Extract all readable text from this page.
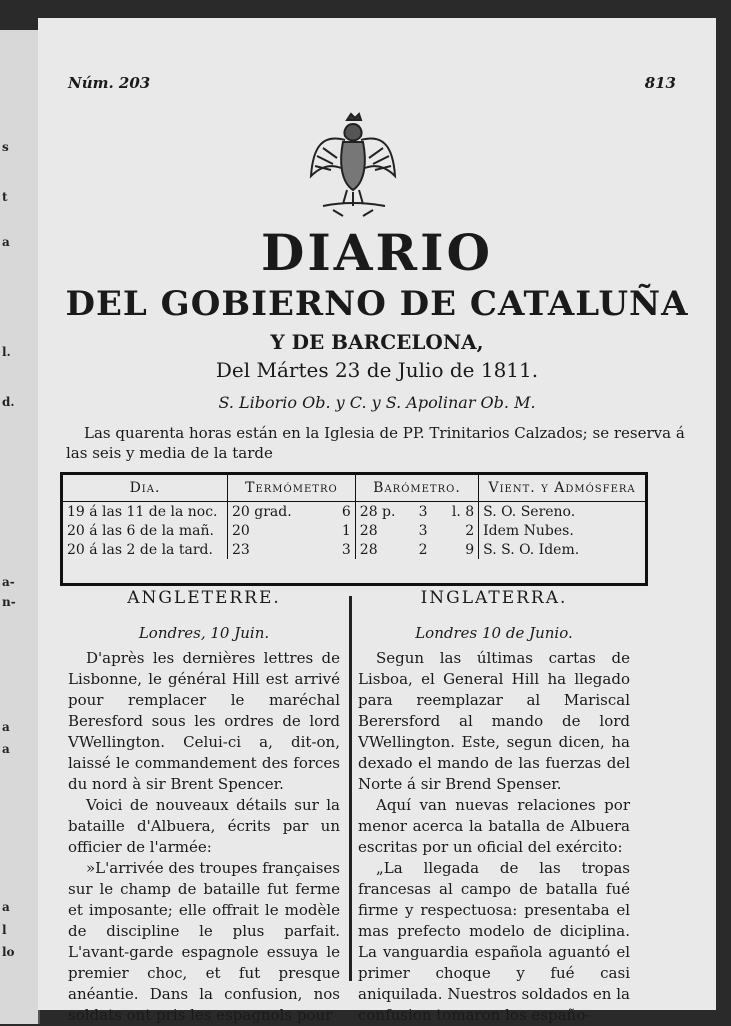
s
t
a
l.
d.
a-
n-
a
a
a
l
lo
Núm. 203	813
DIARIO
DEL GOBIERNO DE CATALUÑA
Y DE BARCELONA,
Del Mártes 23 de Julio de 1811.
S. Liborio Ob. y C. y S. Apolinar Ob. M.
Las quarenta horas están en la Iglesia de PP. Trinitarios Calzados; se reserva á las seis y media de la tarde
Dia.	Termómetro		Barómetro.			Vient. y Admósfera
19 á las 11 de la noc.	20 grad.	6	28 p.	3	l. 8	S. O. Sereno.
20 á las 6 de la mañ.	20	1	28	3	2	Idem Nubes.
20 á las 2 de la tard.	23	3	28	2	9	S. S. O. Idem.
ANGLETERRE.
Londres, 10 Juin.

D'après les dernières lettres de Lisbonne, le général Hill est arrivé pour remplacer le maréchal Beresford sous les ordres de lord VWellington. Celui-ci a, dit-on, laissé le commandement des forces du nord à sir Brent Spencer.

Voici de nouveaux détails sur la bataille d'Albuera, écrits par un officier de l'armée:

»L'arrivée des troupes françaises sur le champ de bataille fut ferme et imposante; elle offrait le modèle de discipline le plus parfait. L'avant-garde espagnole essuya le premier choc, et fut presque anéantie. Dans la confusion, nos soldats ont pris les espagnols pour

INGLATERRA.
Londres 10 de Junio.

Segun las últimas cartas de Lisboa, el General Hill ha llegado para reemplazar al Mariscal Berersford al mando de lord VWellington. Este, segun dicen, ha dexado el mando de las fuerzas del Norte á sir Brend Spenser.

Aquí van nuevas relaciones por menor acerca la batalla de Albuera escritas por un oficial del exército:

„La llegada de las tropas francesas al campo de batalla fué firme y respectuosa: presentaba el mas prefecto modelo de diciplina. La vanguardia española aguantó el primer choque y fué casi aniquilada. Nuestros soldados en la confusion tomaron los españo-
